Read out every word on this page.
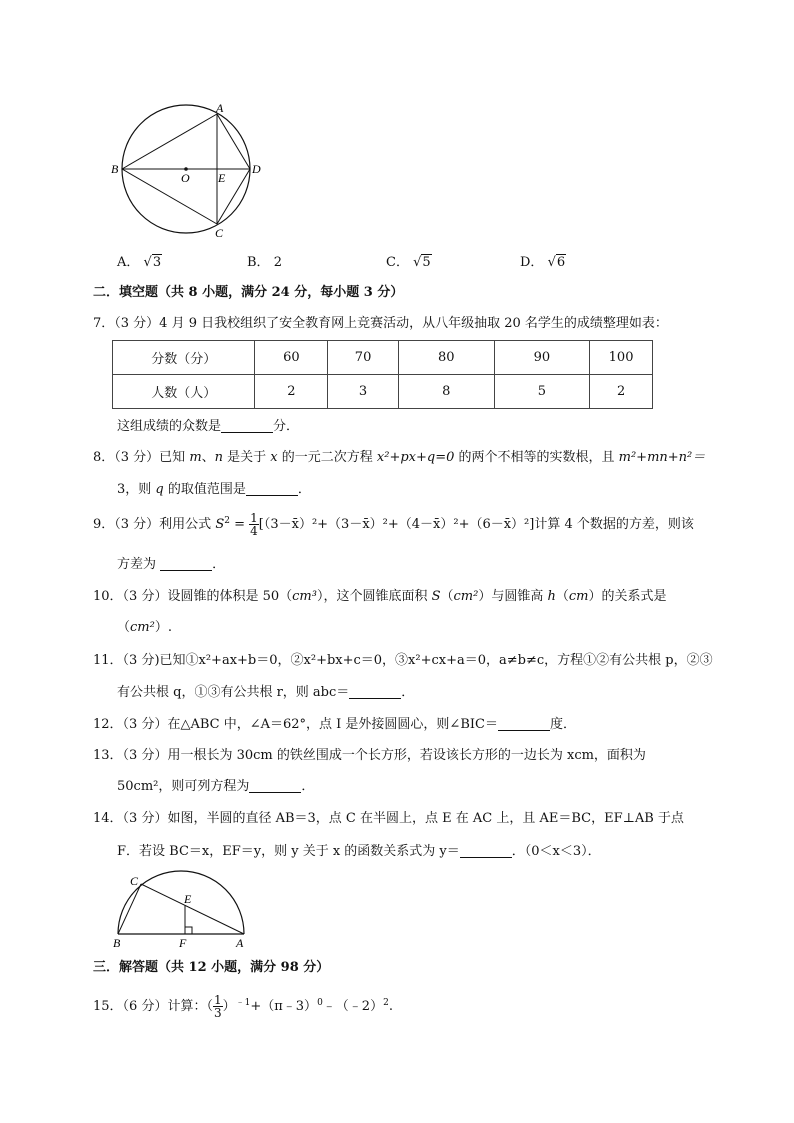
A
B
C
D
E
O
A． √3	B． 2	C． √5	D． √6
二．填空题（共 8 小题，满分 24 分，每小题 3 分）
7．（3 分）4 月 9 日我校组织了安全教育网上竞赛活动，从八年级抽取 20 名学生的成绩整理如表：
分数（分）	60	70	80	90	100
人数（人）	2	3	8	5	2
这组成绩的众数是	分．
8．（3 分）已知 m、n 是关于 x 的一元二次方程 x²+px+q=0 的两个不相等的实数根，且 m²+mn+n²＝
3，则 q 的取值范围是	．
9．（3 分）利用公式 $S^2 = \frac{1}{4}$ [（3－x̄）²+（3－x̄）²+（4－x̄）²+（6－x̄）²]计算 4 个数据的方差，则该
方差为	．
10．（3 分）设圆锥的体积是 50（cm³），这个圆锥底面积 S（cm²）与圆锥高 h（cm）的关系式是
（cm²）.
11．（3 分)已知①x²+ax+b＝0，②x²+bx+c＝0，③x²+cx+a＝0，a≠b≠c，方程①②有公共根 p，②③
有公共根 q，①③有公共根 r，则 abc＝	．
12．（3 分）在△ABC 中，∠A＝62°，点 I 是外接圆圆心，则∠BIC＝	度．
13．（3 分）用一根长为 30cm 的铁丝围成一个长方形，若设该长方形的一边长为 xcm，面积为
50cm²，则可列方程为	．
14．（3 分）如图，半圆的直径 AB＝3，点 C 在半圆上，点 E 在 AC 上，且 AE＝BC，EF⊥AB 于点
F．若设 BC＝x，EF＝y，则 y 关于 x 的函数关系式为 y＝	．（0＜x＜3）．
C
E
B	F	A
三．解答题（共 12 小题，满分 98 分）
15．（6 分）计算：（ $\frac{1}{3}$ ）$^{﹣1}$+（π﹣3）$^0$﹣（﹣2）$^2$.
